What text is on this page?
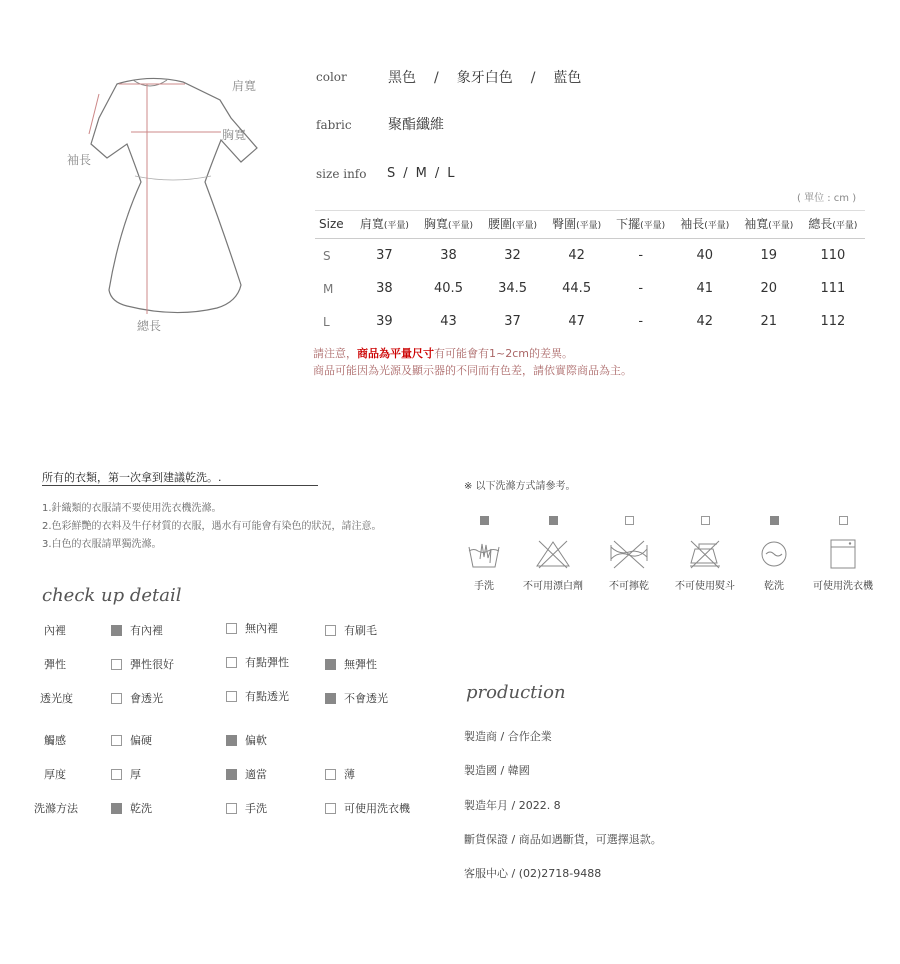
肩寬
胸寬
袖長
總長
color	黑色 / 象牙白色 / 藍色
fabric	聚酯纖維
size info	S / M / L
( 單位 : cm )
Size	肩寬(平量)	胸寬(平量)	腰圍(平量)	臀圍(平量)	下擺(平量)	袖長(平量)	袖寬(平量)	總長(平量)
S	37	38	32	42	-	40	19	110
M	38	40.5	34.5	44.5	-	41	20	111
L	39	43	37	47	-	42	21	112
請注意，商品為平量尺寸有可能會有1~2cm的差異。
商品可能因為光源及顯示器的不同而有色差，請依實際商品為主。
所有的衣類，第一次拿到建議乾洗。.
1.針織類的衣服請不要使用洗衣機洗滌。
2.色彩鮮艷的衣料及牛仔材質的衣服，遇水有可能會有染色的狀況，請注意。
3.白色的衣服請單獨洗滌。
check up detail
內裡	有內裡	無內裡	有刷毛
彈性	彈性很好	有點彈性	無彈性
透光度	會透光	有點透光	不會透光
觸感	偏硬	偏軟
厚度	厚	適當	薄
洗滌方法	乾洗	手洗	可使用洗衣機
※ 以下洗滌方式請參考。
手洗	不可用漂白劑	不可擰乾	不可使用熨斗	乾洗	可使用洗衣機
production
製造商 / 合作企業
製造國 / 韓國
製造年月 / 2022. 8
斷貨保證 / 商品如遇斷貨，可選擇退款。
客服中心 / (02)2718-9488
